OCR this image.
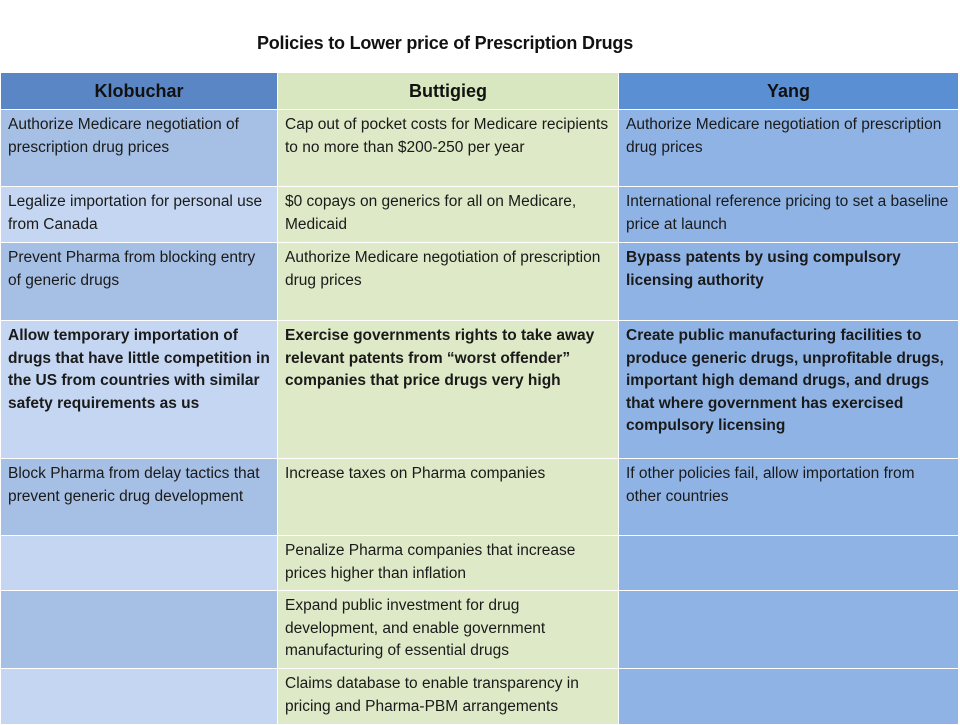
Policies to Lower price of Prescription Drugs
Klobuchar	Buttigieg	Yang
Authorize Medicare negotiation of prescription drug prices	Cap out of pocket costs for Medicare recipients to no more than $200-250 per year	Authorize Medicare negotiation of prescription drug prices
Legalize importation for personal use from Canada	$0 copays on generics for all on Medicare, Medicaid	International reference pricing to set a baseline price at launch
Prevent Pharma from blocking entry of generic drugs	Authorize Medicare negotiation of prescription drug prices	Bypass patents by using compulsory licensing authority
Allow temporary importation of drugs that have little competition in the US from countries with similar safety requirements as us	Exercise governments rights to take away relevant patents from “worst offender” companies that price drugs very high	Create public manufacturing facilities to produce generic drugs, unprofitable drugs, important high demand drugs, and drugs that where government has exercised compulsory licensing
Block Pharma from delay tactics that prevent generic drug development	Increase taxes on Pharma companies	If other policies fail, allow importation from other countries
	Penalize Pharma companies that increase prices higher than inflation	
	Expand public investment for drug development, and enable government manufacturing of essential drugs	
	Claims database to enable transparency in pricing and Pharma-PBM arrangements	
